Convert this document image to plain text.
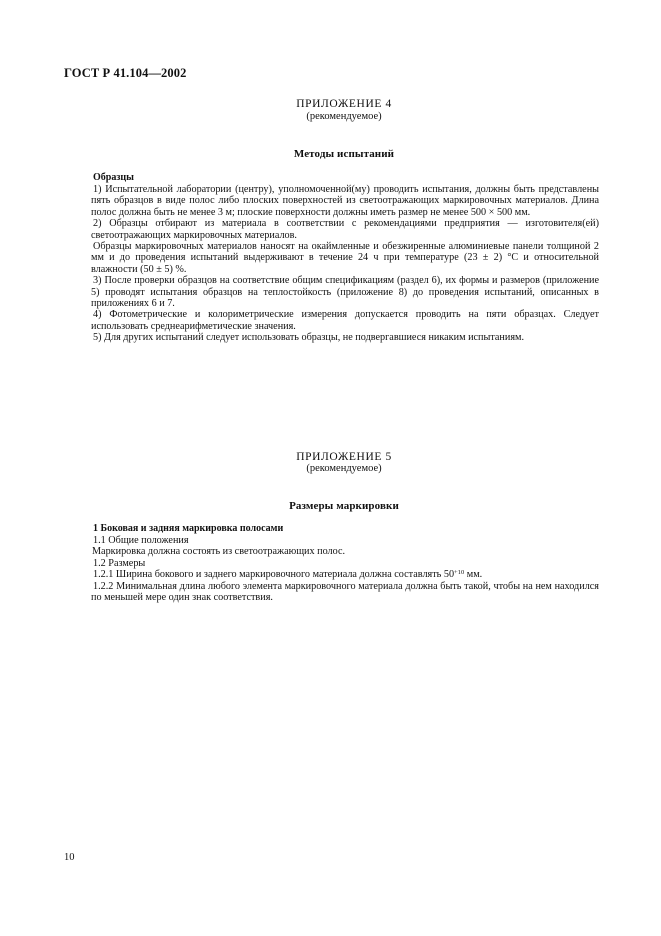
ГОСТ Р 41.104—2002
ПРИЛОЖЕНИЕ 4
(рекомендуемое)
Методы испытаний
Образцы

1) Испытательной лаборатории (центру), уполномоченной(му) проводить испытания, должны быть представлены пять образцов в виде полос либо плоских поверхностей из светоотражающих маркировочных материалов. Длина полос должна быть не менее 3 м; плоские поверхности должны иметь размер не менее 500 × 500 мм.

2) Образцы отбирают из материала в соответствии с рекомендациями предприятия — изготовителя(ей) светоотражающих маркировочных материалов.

Образцы маркировочных материалов наносят на окаймленные и обезжиренные алюминиевые панели толщиной 2 мм и до проведения испытаний выдерживают в течение 24 ч при температуре (23 ± 2) °С и относительной влажности (50 ± 5) %.

3) После проверки образцов на соответствие общим спецификациям (раздел 6), их формы и размеров (приложение 5) проводят испытания образцов на теплостойкость (приложение 8) до проведения испытаний, описанных в приложениях 6 и 7.

4) Фотометрические и колориметрические измерения допускается проводить на пяти образцах. Следует использовать среднеарифметические значения.

5) Для других испытаний следует использовать образцы, не подвергавшиеся никаким испытаниям.

ПРИЛОЖЕНИЕ 5
(рекомендуемое)
Размеры маркировки
1 Боковая и задняя маркировка полосами

1.1 Общие положения

Маркировка должна состоять из светоотражающих полос.

1.2 Размеры

1.2.1 Ширина бокового и заднего маркировочного материала должна составлять $50^{+10}$ мм.

1.2.2 Минимальная длина любого элемента маркировочного материала должна быть такой, чтобы на нем находился по меньшей мере один знак соответствия.

10
